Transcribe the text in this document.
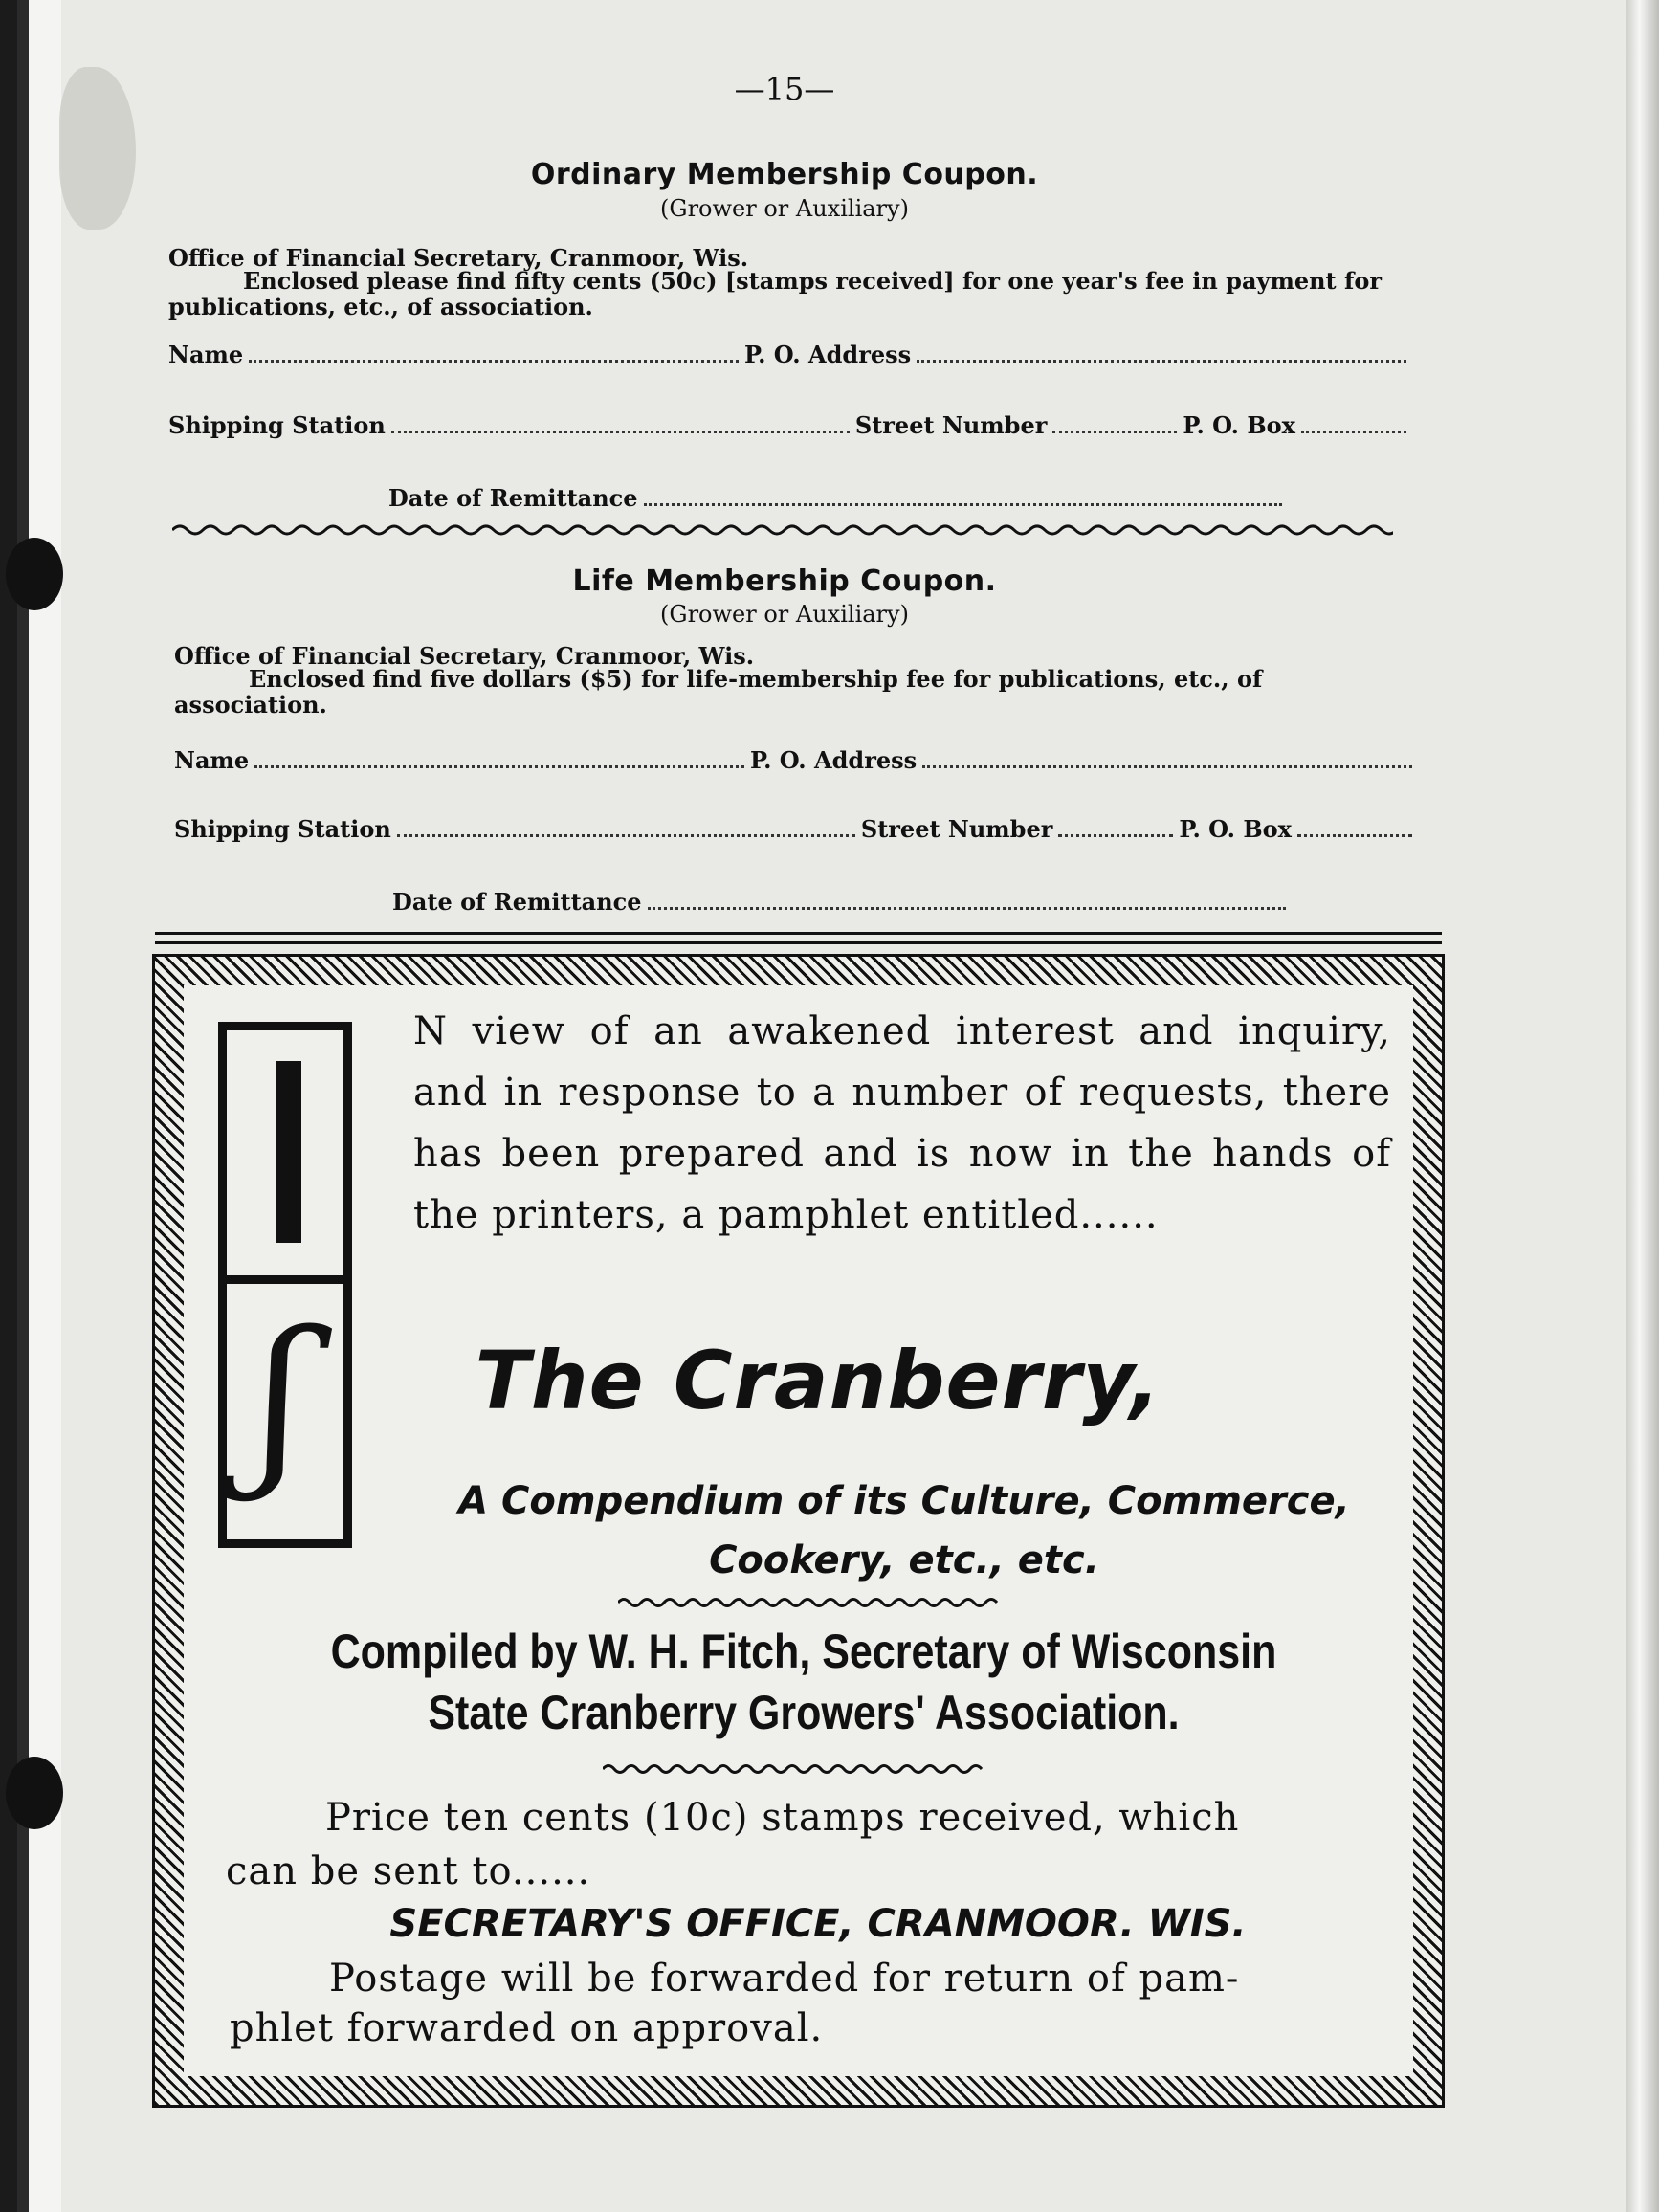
—15—
Ordinary Membership Coupon.
(Grower or Auxiliary)
Office of Financial Secretary, Cranmoor, Wis.
Enclosed please find fifty cents (50c) [stamps received] for one year's fee in payment for publications, etc., of association.
Name	P. O. Address
Shipping Station	Street Number	P. O. Box
Date of Remittance
Life Membership Coupon.
(Grower or Auxiliary)
Office of Financial Secretary, Cranmoor, Wis.
Enclosed find five dollars ($5) for life-membership fee for publications, etc., of association.
Name	P. O. Address
Shipping Station	Street Number	P. O. Box
Date of Remittance
ʃ
N view of an awakened interest and inquiry, and in response to a number of requests, there has been prepared and is now in the hands of the printers, a pamphlet entitled......
The Cranberry,
A Compendium of its Culture, Commerce, Cookery, etc., etc.
Compiled by W. H. Fitch, Secretary of Wisconsin State Cranberry Growers' Association.
Price ten cents (10c) stamps received, which
can be sent to......
SECRETARY'S OFFICE, CRANMOOR. WIS.
Postage will be forwarded for return of pam-
phlet forwarded on approval.
